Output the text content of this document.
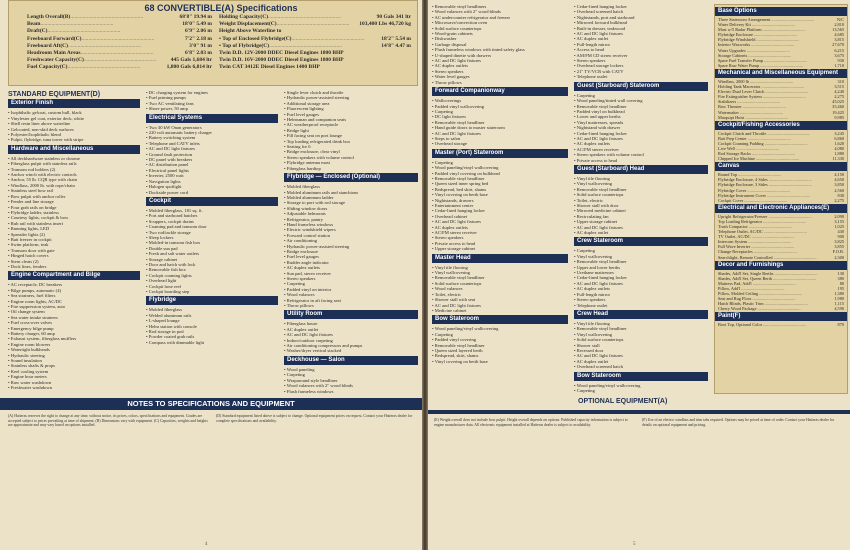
68 CONVERTIBLE(A) Specifications
Length Overall(B) .....................................................	68'8" 19.94 m
Beam .....................................................	18'0" 5.49 m
Draft(C) .....................................................	6'9" 2.06 m
Freeboard Forward(C) .....................................................	7'2" 2.18 m
Freeboard Aft(C) .....................................................	3'0" 91 m
Headroom Main Areas .....................................................	6'8" 2.03 m
Freshwater Capacity(C) .....................................................	445 Gals 1,684 ltr
Fuel Capacity(C) .....................................................	1,800 Gals 6,814 ltr
Holding Capacity(C) .....................................................	90 Gals 341 ltr
Weight Displacement(C) .....................................................	103,400 Lbs 46,720 kg
Height Above Waterline to
• Top of Enclosed Flybridge(C) .....................................................	18'2" 5.54 m
• Top of Flybridge(C) .....................................................	14'8" 4.47 m
Twin D.D. 12V-2000 DDEC Diesel Engines 1800 BHP
Twin D.D. 16V-2000 DDEC Diesel Engines 1800 BHP
Twin CAT 3412E Diesel Engines 1400 BHP
STANDARD EQUIPMENT(D)
Exterior Finish
• Isophthalic gelcoat, custom hull, black
• Vinylester gel coat, exterior deck, white
• Shell resin liner above waterline
• Gelcoated, non-skid deck surfaces
• Polyester/Isophthalic blend
• Pulpit, flybridge, tuna tower with stripe
Hardware and Miscellaneous
• All deckhardware stainless or chrome
• Fiberglass pulpit with stainless rails
• Transom rod holders (2)
• Anchor winch with electric controls
• Anchor, 55 lb. CQR type with chain
• Windlass, 2000 lb. with rope/chain
• Stainless steel bow rail
• Bow pulpit with anchor roller
• Fender and line storage
• Four grab rails on bridge
• Flybridge ladder, stainless
• Courtesy lights, cockpit & bow
• Rub rail with stainless insert
• Running lights, LED
• Spreader lights (2)
• Bait freezer in cockpit
• Swim platform, teak
• Transom door with gate
• Hinged hatch covers
• Stern cleats (2)
• Dock lines, fenders
Engine Compartment and Bilge
• AC receptacle, DC breakers
• Bilge pumps, automatic (4)
• Sea strainers, fuel filters
• Engine room lights, AC/DC
• Fire suppression system, auto
• Oil change system
• Sea water intake strainers
• Fuel cross-over valves
• Emergency bilge pump
• Battery charger, 60 amp
• Exhaust system, fiberglass mufflers
• Engine room blowers
• Watertight bulkheads
• Hydraulic steering
• Sound insulation
• Stainless shafts & props
• Keel cooling system
• Engine hour meters
• Raw water washdown
• Freshwater washdown
• DC charging system for engines
• Fuel priming pumps
• Two AC ventilating fans
• Shore power, 50 amp
Electrical Systems
• Two 30 kW Onan generators
• 220 volt automatic battery charger
• Battery switching system
• Telephone and CATV inlets
• AC and DC light fixtures
• Ground fault protection
• DC panel with breakers
• AC distribution panel
• Electrical panel lights
• Inverter, 2500 watt
• Navigation lights
• Halogen spotlight
• Dockside power cord
Cockpit
• Molded fiberglass, 181 sq. ft.
• Port and starboard hatches
• Scuppers, cockpit drains
• Coaming pad and transom door
• Two rod/tackle storage
• Sleep lockers
• Molded-in transom fish box
• Double sun pad
• Fresh and salt water outlets
• Storage cabinet
• Door and hatch with lock
• Removable fish box
• Cockpit coaming lights
• Overhead light
• Cockpit hose reel
• Cockpit boarding step
Flybridge
• Molded fiberglass
• Welded aluminum rails
• L-shaped lounge
• Helm station with console
• Rod storage in pod
• Powder coated grab rails
• Compass with dimmable light
• Single lever clutch and throttle
• Hydraulic power-assisted steering
• Additional storage area
• Fluorescent lighting
• Fuel level gauges
• Helmsman and companion seats
• AC weatherproof receptacle
• Bridge light
• Fill facing seat on port lounge
• Top loading refrigerated drink box
• Seating for 6
• Bridge enclosure, clear vinyl
• Stereo speakers with volume control
• Flybridge antenna mast
• Fiberglass hardtop
Flybridge — Enclosed (Optional)
• Molded fiberglass
• Molded aluminum rails and stanchions
• Molded aluminum ladder
• Storage to port with rod storage
• Sliding window doors
• Adjustable helmseats
• Refrigerator, pantry
• Hand frameless windows
• Electric windshield wipers
• Forward control station
• Air conditioning
• Hydraulic power-assisted steering
• Bridge enclosure
• Fuel level gauges
• Rudder angle indicator
• AC duplex outlets
• Sun pad, stereo receiver
• Stereo speakers
• Carpeting
• Padded vinyl on interior
• Wood valances
• Refrigerator in aft facing seat
• Throw pillows
Utility Room
• Fiberglass house
• AC duplex outlet
• AC and DC light fixtures
• Indoor/outdoor carpeting
• Air conditioning compressors and pumps
• Washer/dryer vertical stacked
Deckhouse — Salon
• Wood paneling
• Carpeting
• Wraparound style headliner
• Wood valances with 2" wood blinds
• Flush frameless windows
•
NOTES TO SPECIFICATIONS AND EQUIPMENT
(A) Hatteras reserves the right to change at any time, without notice, its prices, colors, specifications and equipment. Grades are accepted subject to prices prevailing at time of shipment. (B) Dimensions vary with equipment. (C) Capacities, weights and heights are approximate and may vary based on options installed.
(D) Standard equipment listed above is subject to change. Optional equipment prices on request. Contact your Hatteras dealer for complete specifications and availability.
4
• Removable vinyl headliners
• Wood valances with 2" wood blinds
• AC undercounter refrigerator and freezer
• Microwave/convection oven
• Solid surface countertops
• Wood-grain cabinets
• Dishwasher
• Garbage disposal
• Flush frameless windows with tinted safety glass
• U-shaped dinette with drawers
• AC and DC light fixtures
• AC duplex outlets
• Stereo speakers
• Water level gauges
• Throw pillows
Forward Companionway
• Wallcoverings
• Padded vinyl wallcovering
• Carpeting
• DC light fixtures
• Removable vinyl headliner
• Hand guide doors to master stateroom
• AC and DC light fixtures
• Steps to salon
• Overhead storage
Master (Port) Stateroom
• Carpeting
• Wood paneling/vinyl wallcovering
• Padded vinyl covering on bulkhead
• Removable vinyl headliner
• Queen sized inner spring bed
• Bedspread, bed skirt, shams
• Vinyl covering on berth base
• Nightstands, drawers
• Entertainment center
• Cedar-lined hanging locker
• Overhead cabinet
• AC and DC light fixtures
• AC duplex outlets
• AC/FM stereo receiver
• Stereo speakers
• Private access to head
• Upper storage cabinet
Master Head
• Vinyl tile flooring
• Vinyl wallcovering
• Removable vinyl headliner
• Solid surface countertops
• Wood valances
• Toilet, electric
• Shower stall with seat
• AC and DC light fixtures
• Medicine cabinet
Bow Stateroom
• Wood paneling/vinyl wallcovering
• Carpeting
• Padded vinyl covering
• Removable vinyl headliner
• Queen sized layered berth
• Bedspread, skirt, shams
• Vinyl covering on berth base
• Cedar-lined hanging locker
• Overhead screened hatch
• Nightstands, port and starboard
• Mirrored forward bulkhead
• Built-in dresser, teakwood
• AC and DC light fixtures
• AC duplex outlet
• Full-length mirror
• Access to head
• AM/FM CD stereo receiver
• Stereo speakers
• Overhead storage lockers
• 21" TV/VCR with CATV
• Telephone outlet
Guest (Starboard) Stateroom
• Carpeting
• Wood paneling/tinted wall covering
• Removable vinyl headliner
• Padded vinyl on bulkhead
• Lower and upper berths
• Vinyl mattresses, spreads
• Nightstand with drawer
• Cedar-lined hanging locker
• AC and DC light fixtures
• AC duplex outlets
• AC/FM stereo receiver
• Stereo speakers with volume control
• Private access to head
Guest (Starboard) Head
• Vinyl tile flooring
• Vinyl wallcovering
• Removable vinyl headliner
• Solid surface countertops
• Toilet, electric
• Shower stall with door
• Mirrored medicine cabinet
• Recirculating fan
• Upper storage cabinet
• AC and DC light fixtures
• AC duplex outlet
Crew Stateroom
• Carpeting
• Vinyl wallcovering
• Removable vinyl headliner
• Upper and lower berths
• Urethane mattresses
• Cedar-lined hanging locker
• AC and DC light fixtures
• AC duplex outlets
• Full-length mirror
• Stereo speakers
• Telephone outlet
Crew Head
• Vinyl tile flooring
• Removable vinyl headliner
• Vinyl wallcovering
• Solid surface countertops
• Shower stall
• Recessed door
• AC and DC light fixtures
• AC duplex outlet
• Overhead screened hatch
Bow Stateroom
• Wood paneling/vinyl wallcovering
• Carpeting
•
Base Options
Three Stateroom Arrangement ........................................	N/C
Water Delivery Kit ........................................	2,810
Mast w/5 Radar Platform ........................................	13,565
Flybridge Enclosure ........................................	4,685
Flybridge Windshield ........................................	3,815
Interior Waxworks ........................................	27,670
Water Upgrades ........................................	6,215
Storage Cabinets ........................................	3,675
Spare Fuel Transfer Pump ........................................	930
Spare Raw Water Pump ........................................	1,710
Mechanical and Miscellaneous Equipment
Windlass, 2000 lb ........................................	310
Holding Tank Macerator ........................................	3,515
Electric Dual Lever Clutch ........................................	4,240
Fire Extinguisher System ........................................	2,275
Stabilizers ........................................	45,025
Bow Thruster ........................................	35,460
Watermaker ........................................	19,425
Marquipt Hoist ........................................	9,985
Cockpit/Fishing Accessories
Cockpit Clutch and Throttle ........................................	3,245
Bait Prep Center ........................................	6,860
Cockpit Coaming Padding ........................................	1,620
Live Well ........................................	4,080
Rod Storage Racks ........................................	1,880
Chipped Ice Machine ........................................	11,330
Canvas
Round Top ........................................	4,150
Flybridge Enclosure, 4 Sides ........................................	4,650
Flybridge Enclosure, 3 Sides ........................................	3,850
Flybridge Cover ........................................	2,560
Flybridge Instrument Cover ........................................	830
Cockpit Cover ........................................	2,275
Electrical and Electronic Appliances(E)
Upright Refrigerator/Freezer ........................................	2,090
Top Loading Refrigerator ........................................	3,155
Trash Compactor ........................................	1,025
Telephone Outlet, AC/DC ........................................	430
TV Outlet, AC/DC ........................................	900
Intercom System ........................................	3,825
Full Wave Inverter ........................................	3,855
Change Receptacles ........................................	F.O.B.
Searchlight, Remote Controlled ........................................	2,300
Decor and Furnishings
Shades, Add'l Set, Single Berths ........................................	130
Shades, Add'l Set, Queen Berth ........................................	380
Mattress Pad, Add'l ........................................	80
Pillow, Add'l ........................................	195
Pillow, Molded Ceiling ........................................	1,380
Seat and Rug Floor ........................................	1,980
Hatch Blinds, Plastic Trim ........................................	1,115
Cherry Wood Package ........................................	4,590
Paint(F)
Boot Top, Optional Color ........................................	870
OPTIONAL EQUIPMENT(A)
(E) Weight overall does not include bow pulpit. Height overall depends on options. Published capacity information is subject to engine manufacturer data. All electronic equipment installed at Hatteras dealer is subject to availability.
(F) Use of an electric windlass and trim tabs required. Options may be priced at time of order. Contact your Hatteras dealer for details on optional equipment and pricing.
5
